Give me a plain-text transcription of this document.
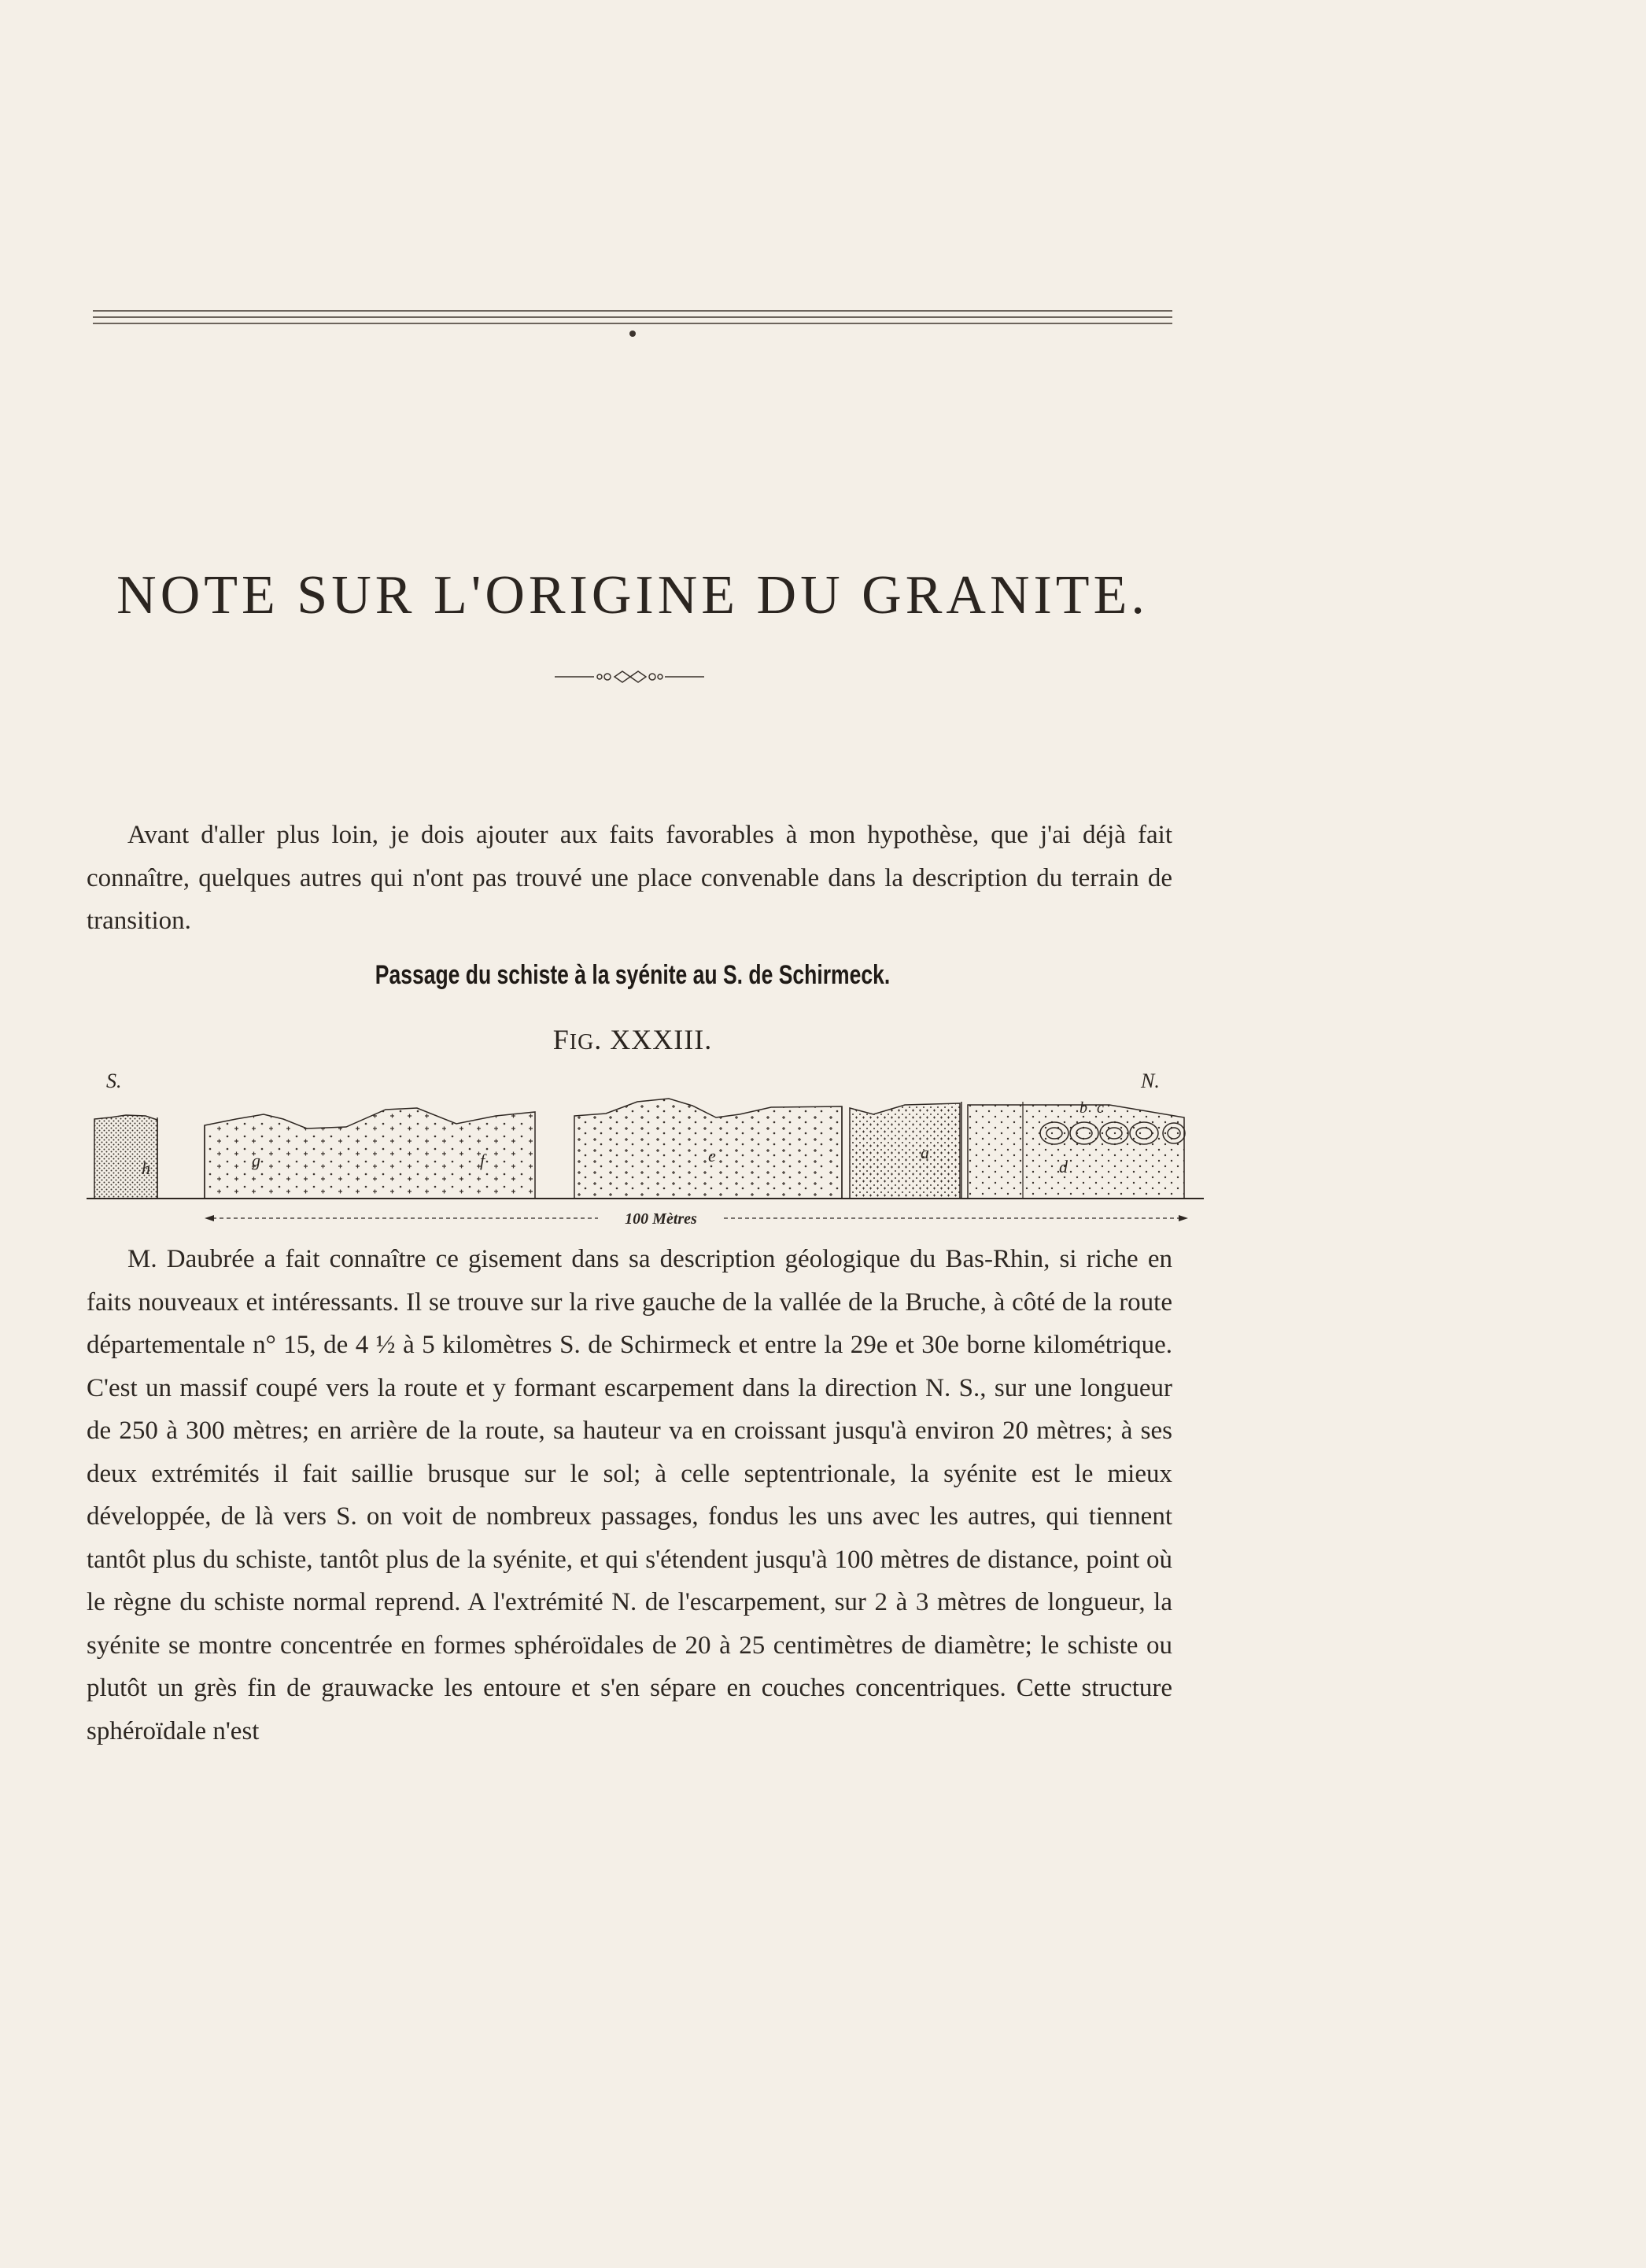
NOTE SUR L'ORIGINE DU GRANITE.

Avant d'aller plus loin, je dois ajouter aux faits favorables à mon hypothèse, que j'ai déjà fait connaître, quelques autres qui n'ont pas trouvé une place convenable dans la description du terrain de transition.

Passage du schiste à la syénite au S. de Schirmeck.
FIG. XXXIII.
S.	N.
h	g	f	e	a
d
b c
100 Mètres

M. Daubrée a fait connaître ce gisement dans sa description géologique du Bas-Rhin, si riche en faits nouveaux et intéressants. Il se trouve sur la rive gauche de la vallée de la Bruche, à côté de la route départementale n° 15, de 4 ½ à 5 kilomètres S. de Schirmeck et entre la 29e et 30e borne kilométrique. C'est un massif coupé vers la route et y formant escarpement dans la direction N. S., sur une longueur de 250 à 300 mètres; en arrière de la route, sa hauteur va en croissant jusqu'à environ 20 mètres; à ses deux extrémités il fait saillie brusque sur le sol; à celle septentrionale, la syénite est le mieux développée, de là vers S. on voit de nombreux passages, fondus les uns avec les autres, qui tiennent tantôt plus du schiste, tantôt plus de la syénite, et qui s'étendent jusqu'à 100 mètres de distance, point où le règne du schiste normal reprend. A l'extrémité N. de l'escarpement, sur 2 à 3 mètres de longueur, la syénite se montre concentrée en formes sphéroïdales de 20 à 25 centimètres de diamètre; le schiste ou plutôt un grès fin de grauwacke les entoure et s'en sépare en couches concentriques. Cette structure sphéroïdale n'est
